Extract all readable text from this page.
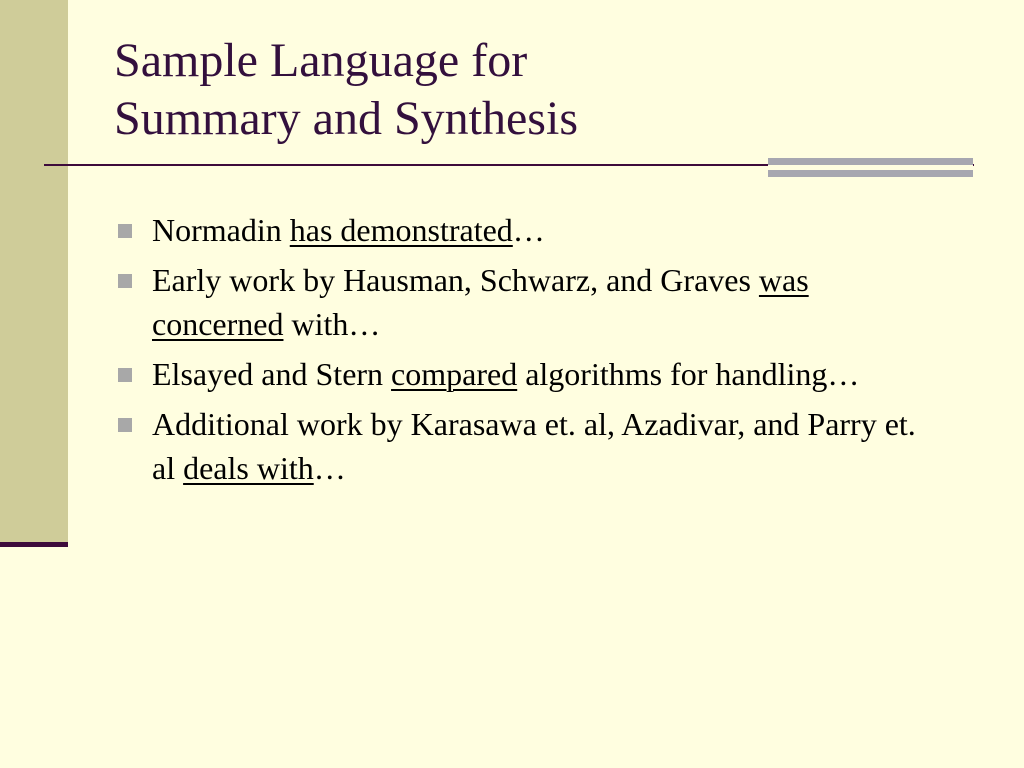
Sample Language for
Summary and Synthesis
Normadin has demonstrated…
Early work by Hausman, Schwarz, and Graves was concerned with…
Elsayed and Stern compared algorithms for handling…
Additional work by Karasawa et. al, Azadivar, and Parry et. al deals with…
